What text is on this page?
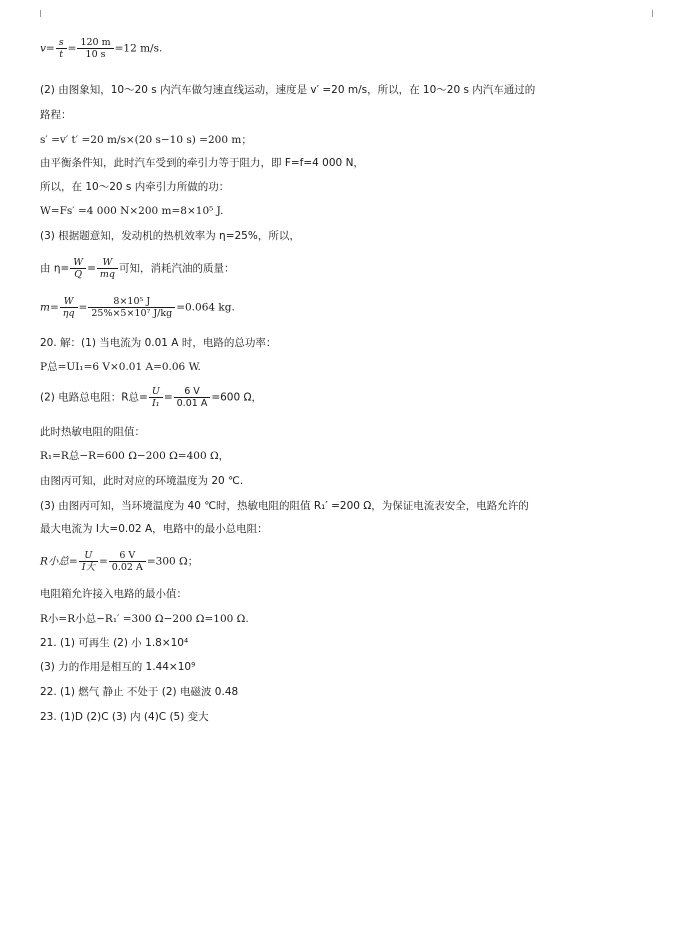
$v= \frac{s}{t} = \frac{120 m}{10 s} =12$ m/s.
(2) 由图象知，10～20 s 内汽车做匀速直线运动，速度是 v′ =20 m/s，所以，在 10～20 s 内汽车通过的
路程：
s′ =v′ t′ =20 m/s×(20 s−10 s) =200 m；
由平衡条件知，此时汽车受到的牵引力等于阻力，即 F=f=4 000 N，
所以，在 10～20 s 内牵引力所做的功：
W=Fs′ =4 000 N×200 m=8×10⁵ J.
(3) 根据题意知，发动机的热机效率为 η=25%，所以，
由 $\eta= \frac{W}{Q} = \frac{W}{mq}$ 可知，消耗汽油的质量：
$m= \frac{W}{\eta q} = \frac{\text{8×10⁵ J}}{\text{25\%×5×10⁷ J/kg}} =0.064$ kg.
20. 解：(1) 当电流为 0.01 A 时，电路的总功率：
P总=UI₁=6 V×0.01 A=0.06 W.
(2) 电路总电阻：R总= $\frac{U}{\text{I₁}} = \frac{6 V}{0.01 A} =600$ Ω，
此时热敏电阻的阻值：
R₁=R总−R=600 Ω−200 Ω=400 Ω，
由图丙可知，此时对应的环境温度为 20 ℃.
(3) 由图丙可知，当环境温度为 40 ℃时，热敏电阻的阻值 R₁′ =200 Ω，为保证电流表安全，电路允许的
最大电流为 I大=0.02 A，电路中的最小总电阻：
R小总= $\frac{U}{\text{I大}} = \frac{6 V}{0.02 A} =300$ Ω；
电阻箱允许接入电路的最小值：
R小=R小总−R₁′ =300 Ω−200 Ω=100 Ω.
21. (1) 可再生 (2) 小 1.8×10⁴
(3) 力的作用是相互的 1.44×10⁹
22. (1) 燃气 静止 不处于 (2) 电磁波 0.48
23. (1)D (2)C (3) 内 (4)C (5) 变大
